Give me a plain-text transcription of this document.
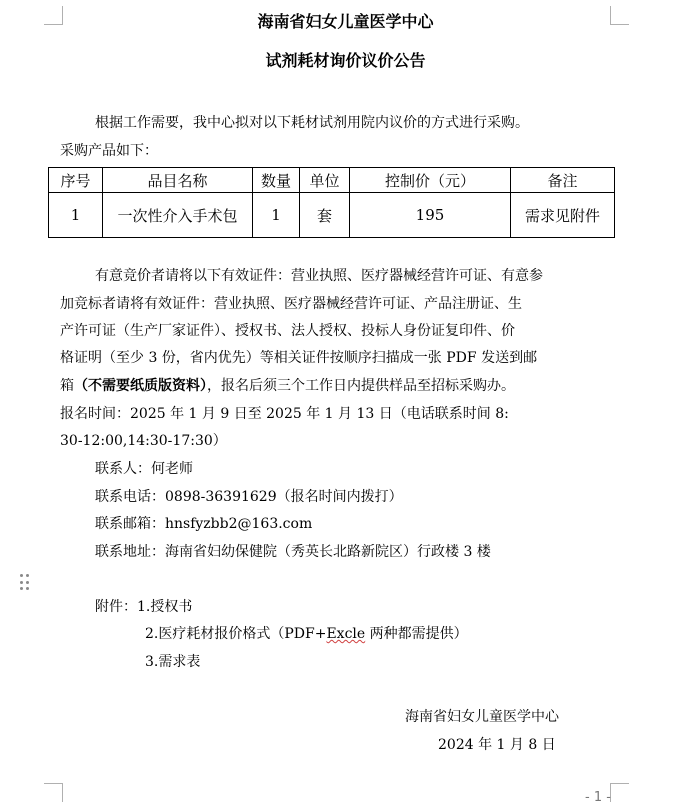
海南省妇女儿童医学中心
试剂耗材询价议价公告
根据工作需要，我中心拟对以下耗材试剂用院内议价的方式进行采购。
采购产品如下：
序号	品目名称	数量	单位	控制价（元）	备注
1	一次性介入手术包	1	套	195	需求见附件
有意竞价者请将以下有效证件：营业执照、医疗器械经营许可证、有意参
加竞标者请将有效证件：营业执照、医疗器械经营许可证、产品注册证、生
产许可证（生产厂家证件）、授权书、法人授权、投标人身份证复印件、价
格证明（至少 3 份，省内优先）等相关证件按顺序扫描成一张 PDF 发送到邮
箱（不需要纸质版资料），报名后须三个工作日内提供样品至招标采购办。
报名时间：2025 年 1 月 9 日至 2025 年 1 月 13 日（电话联系时间 8:
30-12:00,14:30-17:30）
联系人：何老师
联系电话：0898-36391629（报名时间内拨打）
联系邮箱：hnsfyzbb2@163.com
联系地址：海南省妇幼保健院（秀英长北路新院区）行政楼 3 楼
附件：1.授权书
2.医疗耗材报价格式（PDF+Excle 两种都需提供）
3.需求表
海南省妇女儿童医学中心
2024 年 1 月 8 日
- 1 -
